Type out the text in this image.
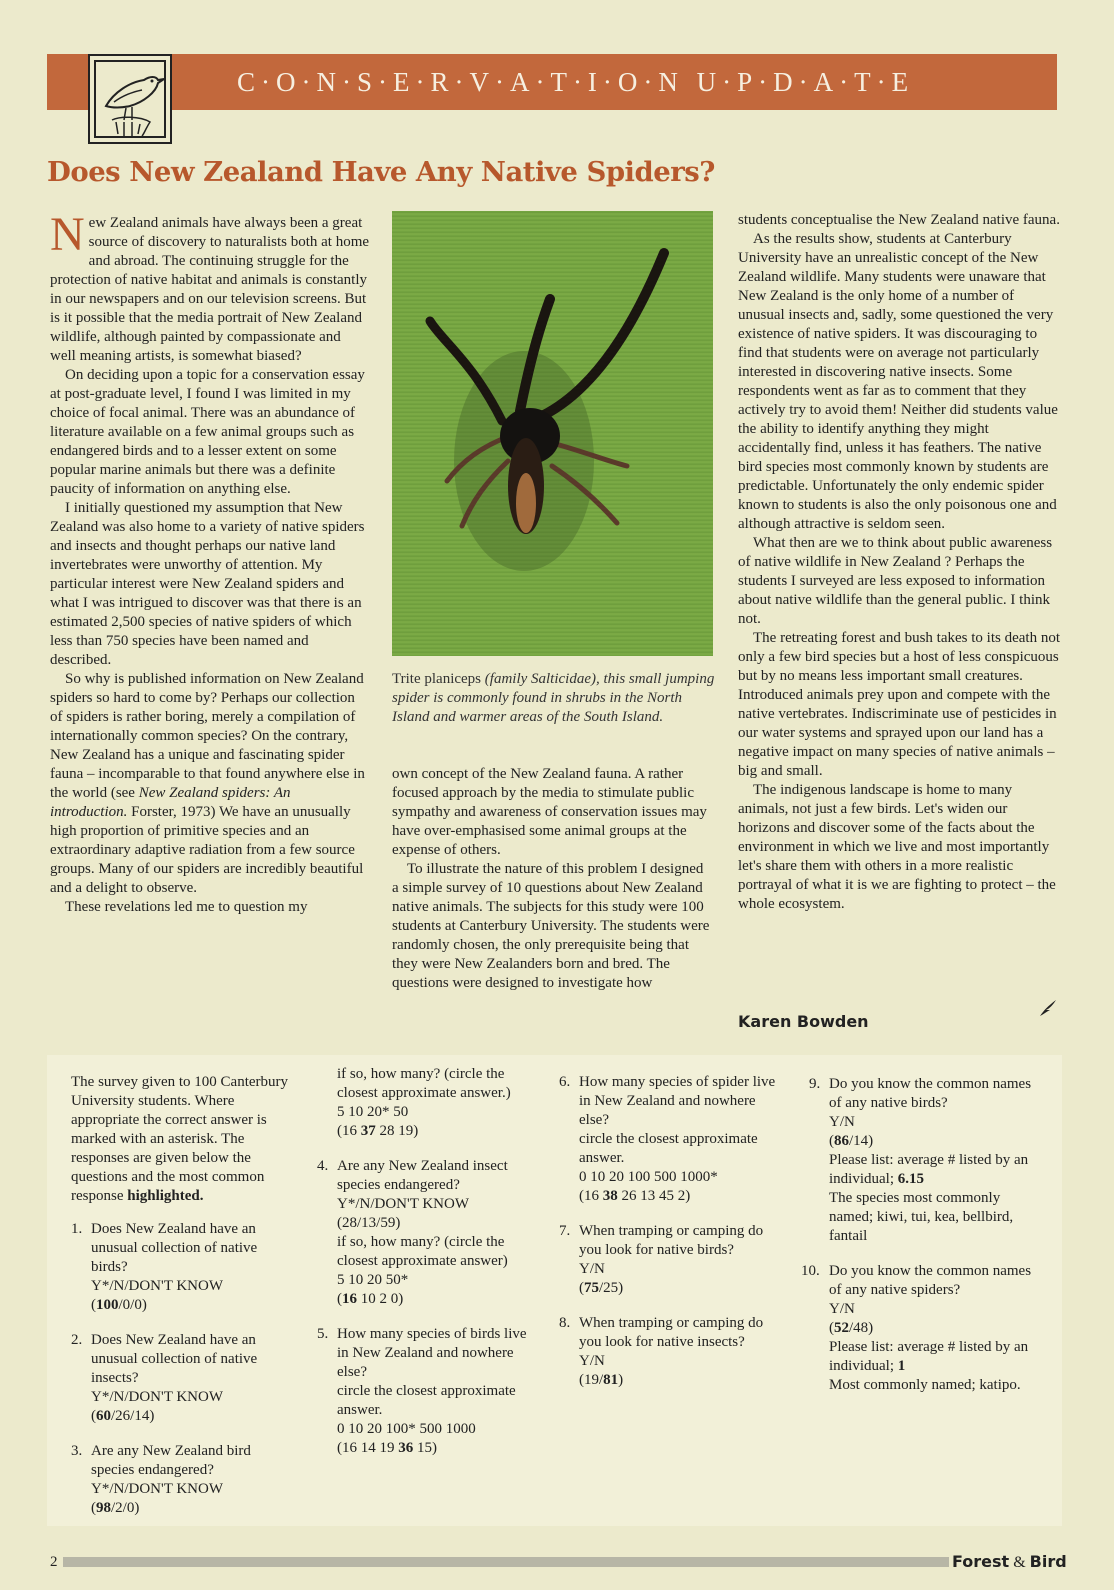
C·O·N·S·E·R·V·A·T·I·O·N U·P·D·A·T·E
Does New Zealand Have Any Native Spiders?

New Zealand animals have always been a great source of discovery to naturalists both at home and abroad. The continuing struggle for the protection of native habitat and animals is constantly in our newspapers and on our television screens. But is it possible that the media portrait of New Zealand wildlife, although painted by compassionate and well meaning artists, is somewhat biased?

On deciding upon a topic for a conservation essay at post-graduate level, I found I was limited in my choice of focal animal. There was an abundance of literature available on a few animal groups such as endangered birds and to a lesser extent on some popular marine animals but there was a definite paucity of information on anything else.

I initially questioned my assumption that New Zealand was also home to a variety of native spiders and insects and thought perhaps our native land invertebrates were unworthy of attention. My particular interest were New Zealand spiders and what I was intrigued to discover was that there is an estimated 2,500 species of native spiders of which less than 750 species have been named and described.

So why is published information on New Zealand spiders so hard to come by? Perhaps our collection of spiders is rather boring, merely a compilation of internationally common species? On the contrary, New Zealand has a unique and fascinating spider fauna – incomparable to that found anywhere else in the world (see New Zealand spiders: An introduction. Forster, 1973) We have an unusually high proportion of primitive species and an extraordinary adaptive radiation from a few source groups. Many of our spiders are incredibly beautiful and a delight to observe.

These revelations led me to question my

Trite planiceps (family Salticidae), this small jumping spider is commonly found in shrubs in the North Island and warmer areas of the South Island.

own concept of the New Zealand fauna. A rather focused approach by the media to stimulate public sympathy and awareness of conservation issues may have over-emphasised some animal groups at the expense of others.

To illustrate the nature of this problem I designed a simple survey of 10 questions about New Zealand native animals. The subjects for this study were 100 students at Canterbury University. The students were randomly chosen, the only prerequisite being that they were New Zealanders born and bred. The questions were designed to investigate how

students conceptualise the New Zealand native fauna.

As the results show, students at Canterbury University have an unrealistic concept of the New Zealand wildlife. Many students were unaware that New Zealand is the only home of a number of unusual insects and, sadly, some questioned the very existence of native spiders. It was discouraging to find that students were on average not particularly interested in discovering native insects. Some respondents went as far as to comment that they actively try to avoid them! Neither did students value the ability to identify anything they might accidentally find, unless it has feathers. The native bird species most commonly known by students are predictable. Unfortunately the only endemic spider known to students is also the only poisonous one and although attractive is seldom seen.

What then are we to think about public awareness of native wildlife in New Zealand ? Perhaps the students I surveyed are less exposed to information about native wildlife than the general public. I think not.

The retreating forest and bush takes to its death not only a few bird species but a host of less conspicuous but by no means less important small creatures. Introduced animals prey upon and compete with the native vertebrates. Indiscriminate use of pesticides in our water systems and sprayed upon our land has a negative impact on many species of native animals – big and small.

The indigenous landscape is home to many animals, not just a few birds. Let's widen our horizons and discover some of the facts about the environment in which we live and most importantly let's share them with others in a more realistic portrayal of what it is we are fighting to protect – the whole ecosystem.

Karen Bowden
The survey given to 100 Canterbury University students. Where appropriate the correct answer is marked with an asterisk. The responses are given below the questions and the most common response highlighted.
1. Does New Zealand have an unusual collection of native birds?
Y*/N/DON'T KNOW
(100/0/0)
2. Does New Zealand have an unusual collection of native insects?
Y*/N/DON'T KNOW
(60/26/14)
3. Are any New Zealand bird species endangered?
Y*/N/DON'T KNOW
(98/2/0)
if so, how many? (circle the closest approximate answer.)
5 10 20* 50
(16 37 28 19)
4. Are any New Zealand insect species endangered?
Y*/N/DON'T KNOW
(28/13/59)
if so, how many? (circle the closest approximate answer)
5 10 20 50*
(16 10 2 0)
5. How many species of birds live in New Zealand and nowhere else?
circle the closest approximate answer.
0 10 20 100* 500 1000
(16 14 19 36 15)
6. How many species of spider live in New Zealand and nowhere else?
circle the closest approximate answer.
0 10 20 100 500 1000*
(16 38 26 13 45 2)
7. When tramping or camping do you look for native birds?
Y/N
(75/25)
8. When tramping or camping do you look for native insects?
Y/N
(19/81)
9. Do you know the common names of any native birds?
Y/N
(86/14)
Please list: average # listed by an individual; 6.15
The species most commonly named; kiwi, tui, kea, bellbird, fantail
10. Do you know the common names of any native spiders?
Y/N
(52/48)
Please list: average # listed by an individual; 1
Most commonly named; katipo.
2	Forest & Bird
